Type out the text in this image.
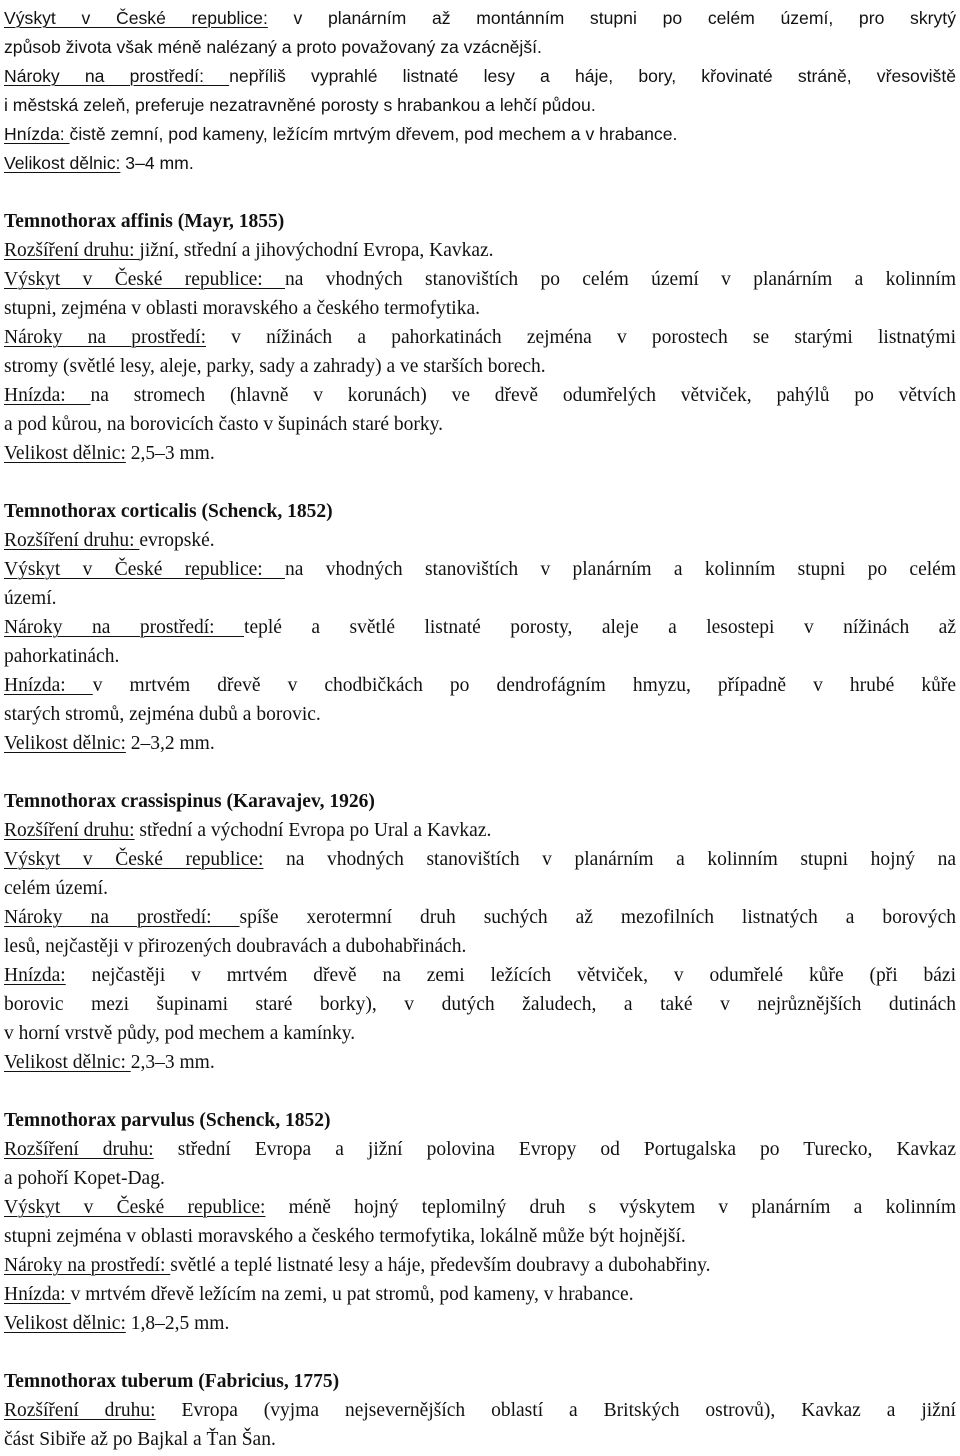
Výskyt v České republice: v planárním až montánním stupni po celém území, pro skrytý

způsob života však méně nalézaný a proto považovaný za vzácnější.

Nároky na prostředí: nepříliš vyprahlé listnaté lesy a háje, bory, křovinaté stráně, vřesoviště

i městská zeleň, preferuje nezatravněné porosty s hrabankou a lehčí půdou.

Hnízda: čistě zemní, pod kameny, ležícím mrtvým dřevem, pod mechem a v hrabance.

Velikost dělnic: 3–4 mm.

Temnothorax affinis (Mayr, 1855)

Rozšíření druhu: jižní, střední a jihovýchodní Evropa, Kavkaz.

Výskyt v České republice: na vhodných stanovištích po celém území v planárním a kolinním

stupni, zejména v oblasti moravského a českého termofytika.

Nároky na prostředí: v nížinách a pahorkatinách zejména v porostech se starými listnatými

stromy (světlé lesy, aleje, parky, sady a zahrady) a ve starších borech.

Hnízda: na stromech (hlavně v korunách) ve dřevě odumřelých větviček, pahýlů po větvích

a pod kůrou, na borovicích často v šupinách staré borky.

Velikost dělnic: 2,5–3 mm.

Temnothorax corticalis (Schenck, 1852)

Rozšíření druhu: evropské.

Výskyt v České republice: na vhodných stanovištích v planárním a kolinním stupni po celém

území.

Nároky na prostředí: teplé a světlé listnaté porosty, aleje a lesostepi v nížinách až

pahorkatinách.

Hnízda: v mrtvém dřevě v chodbičkách po dendrofágním hmyzu, případně v hrubé kůře

starých stromů, zejména dubů a borovic.

Velikost dělnic: 2–3,2 mm.

Temnothorax crassispinus (Karavajev, 1926)

Rozšíření druhu: střední a východní Evropa po Ural a Kavkaz.

Výskyt v České republice: na vhodných stanovištích v planárním a kolinním stupni hojný na

celém území.

Nároky na prostředí: spíše xerotermní druh suchých až mezofilních listnatých a borových

lesů, nejčastěji v přirozených doubravách a dubohabřinách.

Hnízda: nejčastěji v mrtvém dřevě na zemi ležících větviček, v odumřelé kůře (při bázi

borovic mezi šupinami staré borky), v dutých žaludech, a také v nejrůznějších dutinách

v horní vrstvě půdy, pod mechem a kamínky.

Velikost dělnic: 2,3–3 mm.

Temnothorax parvulus (Schenck, 1852)

Rozšíření druhu: střední Evropa a jižní polovina Evropy od Portugalska po Turecko, Kavkaz

a pohoří Kopet-Dag.

Výskyt v České republice: méně hojný teplomilný druh s výskytem v planárním a kolinním

stupni zejména v oblasti moravského a českého termofytika, lokálně může být hojnější.

Nároky na prostředí: světlé a teplé listnaté lesy a háje, především doubravy a dubohabřiny.

Hnízda: v mrtvém dřevě ležícím na zemi, u pat stromů, pod kameny, v hrabance.

Velikost dělnic: 1,8–2,5 mm.

Temnothorax tuberum (Fabricius, 1775)

Rozšíření druhu: Evropa (vyjma nejsevernějších oblastí a Britských ostrovů), Kavkaz a jižní

část Sibiře až po Bajkal a Ťan Šan.
